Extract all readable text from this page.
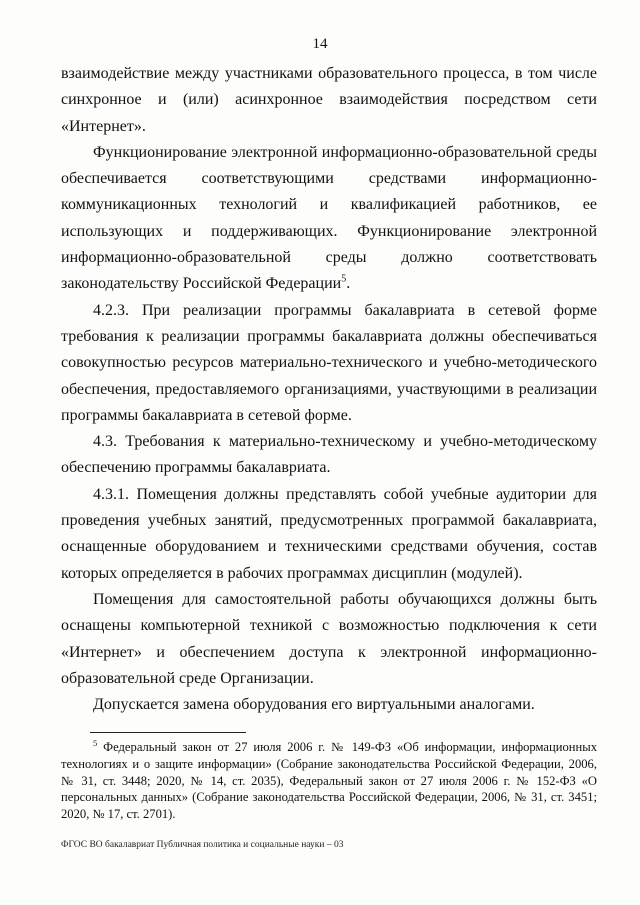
14

взаимодействие между участниками образовательного процесса, в том числе синхронное и (или) асинхронное взаимодействия посредством сети «Интернет».

Функционирование электронной информационно-образовательной среды обеспечивается соответствующими средствами информационно-коммуникационных технологий и квалификацией работников, ее использующих и поддерживающих. Функционирование электронной информационно-образовательной среды должно соответствовать законодательству Российской Федерации$^5$.

4.2.3. При реализации программы бакалавриата в сетевой форме требования к реализации программы бакалавриата должны обеспечиваться совокупностью ресурсов материально-технического и учебно-методического обеспечения, предоставляемого организациями, участвующими в реализации программы бакалавриата в сетевой форме.

4.3. Требования к материально-техническому и учебно-методическому обеспечению программы бакалавриата.

4.3.1. Помещения должны представлять собой учебные аудитории для проведения учебных занятий, предусмотренных программой бакалавриата, оснащенные оборудованием и техническими средствами обучения, состав которых определяется в рабочих программах дисциплин (модулей).

Помещения для самостоятельной работы обучающихся должны быть оснащены компьютерной техникой с возможностью подключения к сети «Интернет» и обеспечением доступа к электронной информационно-образовательной среде Организации.

Допускается замена оборудования его виртуальными аналогами.

$^5$ Федеральный закон от 27 июля 2006 г. № 149-ФЗ «Об информации, информационных технологиях и о защите информации» (Собрание законодательства Российской Федерации, 2006, № 31, ст. 3448; 2020, № 14, ст. 2035), Федеральный закон от 27 июля 2006 г. № 152-ФЗ «О персональных данных» (Собрание законодательства Российской Федерации, 2006, № 31, ст. 3451; 2020, № 17, ст. 2701).

ФГОС ВО бакалавриат Публичная политика и социальные науки – 03
